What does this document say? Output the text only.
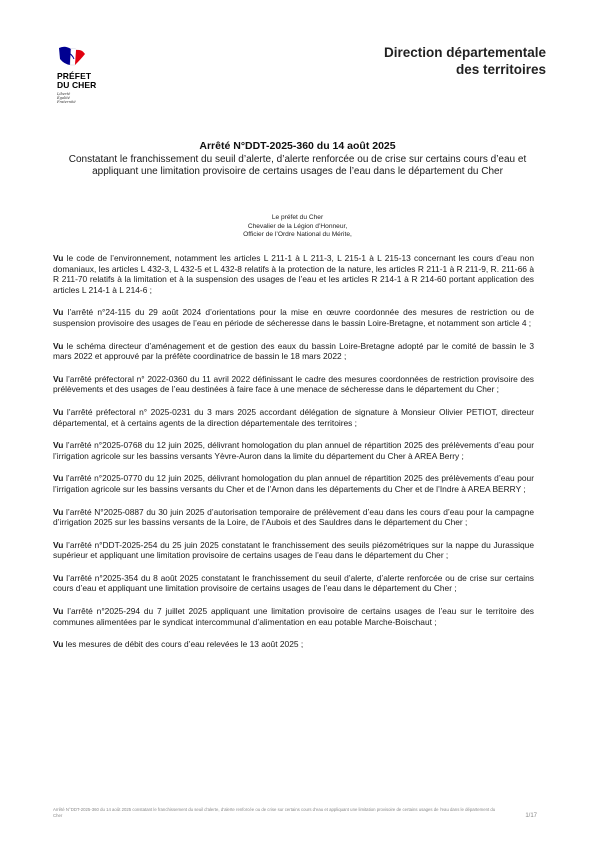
PRÉFET
DU CHER
Liberté
Égalité
Fraternité
Direction départementale
des territoires
Arrêté N°DDT-2025-360 du 14 août 2025
Constatant le franchissement du seuil d’alerte, d’alerte renforcée ou de crise sur certains cours d’eau et appliquant une limitation provisoire de certains usages de l’eau dans le département du Cher
Le préfet du Cher
Chevalier de la Légion d’Honneur,
Officier de l’Ordre National du Mérite,

Vu le code de l’environnement, notamment les articles L 211-1 à L 211-3, L 215-1 à L 215-13 concernant les cours d’eau non domaniaux, les articles L 432-3, L 432-5 et L 432-8 relatifs à la protection de la nature, les articles R 211-1 à R 211-9, R. 211-66 à R 211-70 relatifs à la limitation et à la suspension des usages de l’eau et les articles R 214-1 à R 214-60 portant application des articles L 214-1 à L 214-6 ;

Vu l’arrêté n°24-115 du 29 août 2024 d’orientations pour la mise en œuvre coordonnée des mesures de restriction ou de suspension provisoire des usages de l’eau en période de sécheresse dans le bassin Loire-Bretagne, et notamment son article 4 ;

Vu le schéma directeur d’aménagement et de gestion des eaux du bassin Loire-Bretagne adopté par le comité de bassin le 3 mars 2022 et approuvé par la préfète coordinatrice de bassin le 18 mars 2022 ;

Vu l’arrêté préfectoral n° 2022-0360 du 11 avril 2022 définissant le cadre des mesures coordonnées de restriction provisoire des prélèvements et des usages de l’eau destinées à faire face à une menace de sécheresse dans le département du Cher ;

Vu l’arrêté préfectoral n° 2025-0231 du 3 mars 2025 accordant délégation de signature à Monsieur Olivier PETIOT, directeur départemental, et à certains agents de la direction départementale des territoires ;

Vu l’arrêté n°2025-0768 du 12 juin 2025, délivrant homologation du plan annuel de répartition 2025 des prélèvements d’eau pour l’irrigation agricole sur les bassins versants Yèvre-Auron dans la limite du département du Cher à AREA Berry ;

Vu l’arrêté n°2025-0770 du 12 juin 2025, délivrant homologation du plan annuel de répartition 2025 des prélèvements d’eau pour l’irrigation agricole sur les bassins versants du Cher et de l’Arnon dans les départements du Cher et de l’Indre à AREA BERRY ;

Vu l’arrêté N°2025-0887 du 30 juin 2025 d’autorisation temporaire de prélèvement d’eau dans les cours d’eau pour la campagne d’irrigation 2025 sur les bassins versants de la Loire, de l’Aubois et des Sauldres dans le département du Cher ;

Vu l’arrêté n°DDT-2025-254 du 25 juin 2025 constatant le franchissement des seuils piézométriques sur la nappe du Jurassique supérieur et appliquant une limitation provisoire de certains usages de l’eau dans le département du Cher ;

Vu l’arrêté n°2025-354 du 8 août 2025 constatant le franchissement du seuil d’alerte, d’alerte renforcée ou de crise sur certains cours d’eau et appliquant une limitation provisoire de certains usages de l’eau dans le département du Cher ;

Vu l’arrêté n°2025-294 du 7 juillet 2025 appliquant une limitation provisoire de certains usages de l’eau sur le territoire des communes alimentées par le syndicat intercommunal d’alimentation en eau potable Marche-Boischaut ;

Vu les mesures de débit des cours d’eau relevées le 13 août 2025 ;

Arrêté N°DDT-2025-360 du 14 août 2025 constatant le franchissement du seuil d’alerte, d’alerte renforcée ou de crise sur certains cours d’eau et appliquant une limitation provisoire de certains usages de l’eau dans le département du Cher	1/17
